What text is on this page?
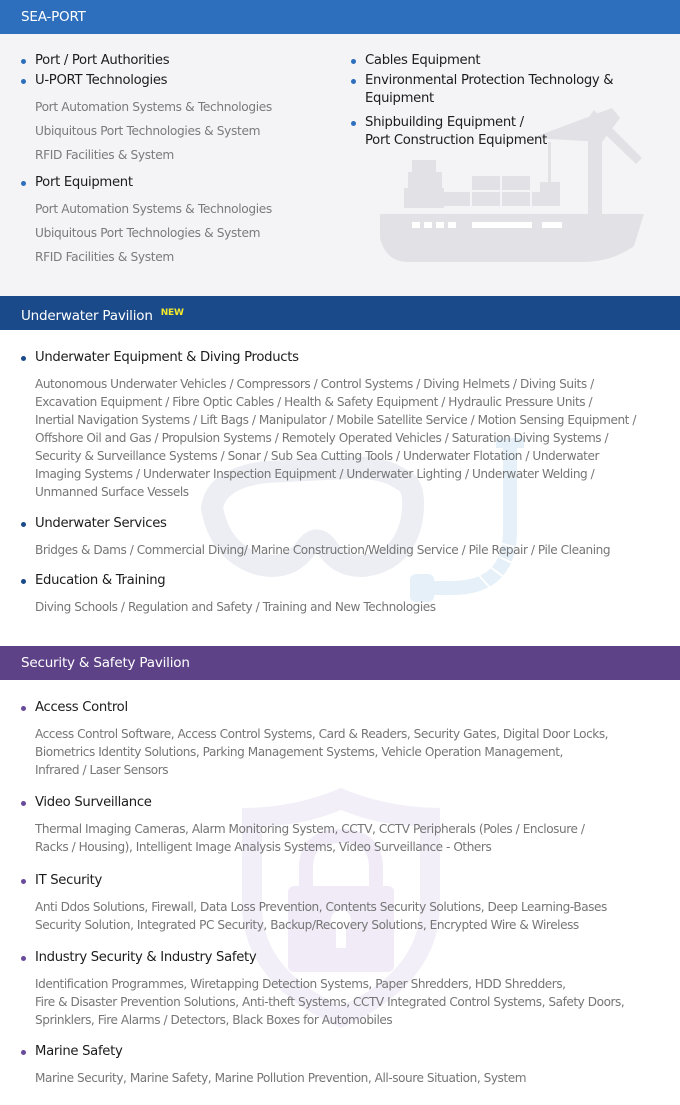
SEA-PORT
Port / Port Authorities
U-PORT Technologies
Port Automation Systems & Technologies
Ubiquitous Port Technologies & System
RFID Facilities & System
Port Equipment
Port Automation Systems & Technologies
Ubiquitous Port Technologies & System
RFID Facilities & System
Cables Equipment
Environmental Protection Technology &
Equipment
Shipbuilding Equipment /
Port Construction Equipment
Underwater Pavilion $^{NEW}$
Underwater Equipment & Diving Products
Autonomous Underwater Vehicles / Compressors / Control Systems / Diving Helmets / Diving Suits /
Excavation Equipment / Fibre Optic Cables / Health & Safety Equipment / Hydraulic Pressure Units /
Inertial Navigation Systems / Lift Bags / Manipulator / Mobile Satellite Service / Motion Sensing Equipment /
Offshore Oil and Gas / Propulsion Systems / Remotely Operated Vehicles / Saturation Diving Systems /
Security & Surveillance Systems / Sonar / Sub Sea Cutting Tools / Underwater Flotation / Underwater
Imaging Systems / Underwater Inspection Equipment / Underwater Lighting / Underwater Welding /
Unmanned Surface Vessels
Underwater Services
Bridges & Dams / Commercial Diving/ Marine Construction/Welding Service / Pile Repair / Pile Cleaning
Education & Training
Diving Schools / Regulation and Safety / Training and New Technologies
Security & Safety Pavilion
Access Control
Access Control Software, Access Control Systems, Card & Readers, Security Gates, Digital Door Locks,
Biometrics Identity Solutions, Parking Management Systems, Vehicle Operation Management,
Infrared / Laser Sensors
Video Surveillance
Thermal Imaging Cameras, Alarm Monitoring System, CCTV, CCTV Peripherals (Poles / Enclosure /
Racks / Housing), Intelligent Image Analysis Systems, Video Surveillance - Others
IT Security
Anti Ddos Solutions, Firewall, Data Loss Prevention, Contents Security Solutions, Deep Learning-Bases
Security Solution, Integrated PC Security, Backup/Recovery Solutions, Encrypted Wire & Wireless
Industry Security & Industry Safety
Identification Programmes, Wiretapping Detection Systems, Paper Shredders, HDD Shredders,
Fire & Disaster Prevention Solutions, Anti-theft Systems, CCTV Integrated Control Systems, Safety Doors,
Sprinklers, Fire Alarms / Detectors, Black Boxes for Automobiles
Marine Safety
Marine Security, Marine Safety, Marine Pollution Prevention, All-soure Situation, System
